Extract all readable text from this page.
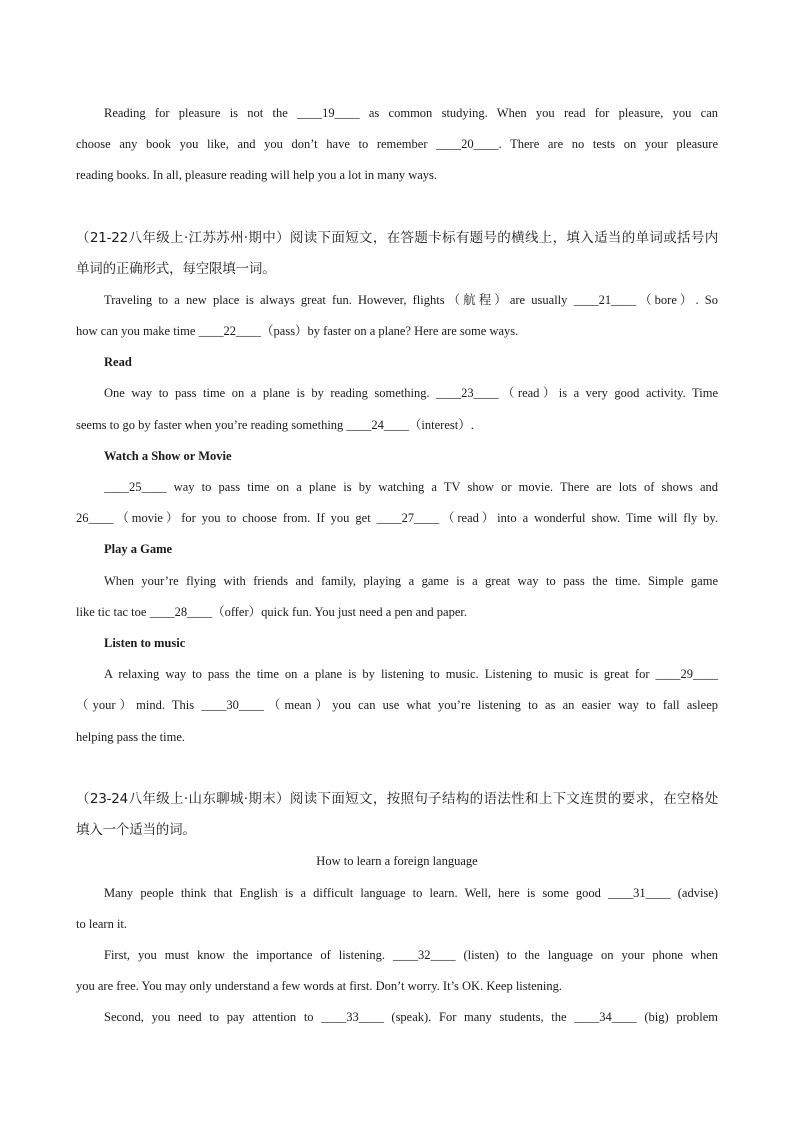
Reading for pleasure is not the ____19____ as common studying. When you read for pleasure, you can
choose any book you like, and you don’t have to remember ____20____. There are no tests on your pleasure
reading books. In all, pleasure reading will help you a lot in many ways.
（21-22八年级上·江苏苏州·期中）阅读下面短文，在答题卡标有题号的横线上，填入适当的单词或括号内
单词的正确形式，每空限填一词。
Traveling to a new place is always great fun. However, flights（航程）are usually ____21____（bore）. So
how can you make time ____22____（pass）by faster on a plane? Here are some ways.
Read
One way to pass time on a plane is by reading something. ____23____（read）is a very good activity. Time
seems to go by faster when you’re reading something ____24____（interest）.
Watch a Show or Movie
____25____ way to pass time on a plane is by watching a TV show or movie. There are lots of shows and
26____（movie）for you to choose from. If you get ____27____（read）into a wonderful show. Time will fly by.
Play a Game
When your’re flying with friends and family, playing a game is a great way to pass the time. Simple game
like tic tac toe ____28____（offer）quick fun. You just need a pen and paper.
Listen to music
A relaxing way to pass the time on a plane is by listening to music. Listening to music is great for ____29____
（your）mind. This ____30____（mean）you can use what you’re listening to as an easier way to fall asleep
helping pass the time.
（23-24八年级上·山东聊城·期末）阅读下面短文，按照句子结构的语法性和上下文连贯的要求，在空格处
填入一个适当的词。
How to learn a foreign language
Many people think that English is a difficult language to learn. Well, here is some good ____31____ (advise)
to learn it.
First, you must know the importance of listening. ____32____ (listen) to the language on your phone when
you are free. You may only understand a few words at first. Don’t worry. It’s OK. Keep listening.
Second, you need to pay attention to ____33____ (speak). For many students, the ____34____ (big) problem
